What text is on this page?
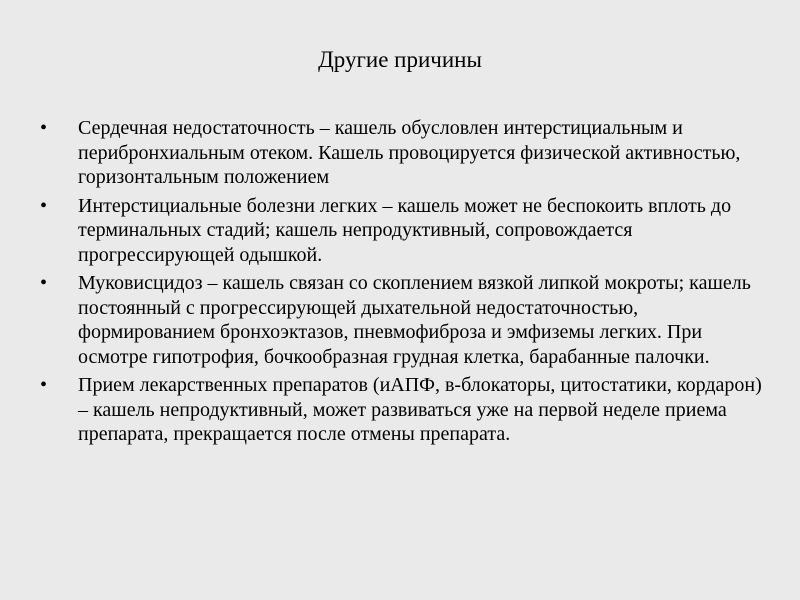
Другие причины
•	Сердечная недостаточность – кашель обусловлен интерстициальным и перибронхиальным отеком. Кашель провоцируется физической активностью, горизонтальным положением
•	Интерстициальные болезни легких – кашель может не беспокоить вплоть до терминальных стадий; кашель непродуктивный, сопровождается прогрессирующей одышкой.
•	Муковисцидоз – кашель связан со скоплением вязкой липкой мокроты; кашель постоянный с прогрессирующей дыхательной недостаточностью, формированием бронхоэктазов, пневмофиброза и эмфиземы легких. При осмотре гипотрофия, бочкообразная грудная клетка, барабанные палочки.
•	Прием лекарственных препаратов (иАПФ, в-блокаторы, цитостатики, кордарон) – кашель непродуктивный, может развиваться уже на первой неделе приема препарата, прекращается после отмены препарата.
